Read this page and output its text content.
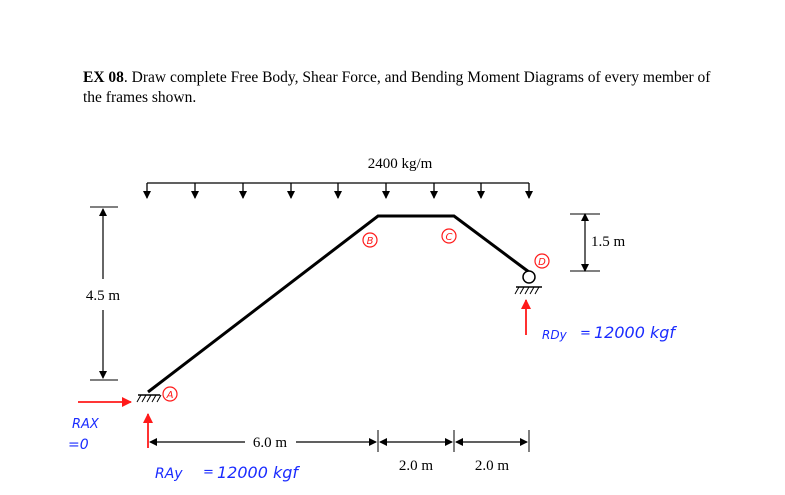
EX 08. Draw complete Free Body, Shear Force, and Bending Moment Diagrams of every member of the frames shown.
2400 kg/m
4.5 m
1.5 m
6.0 m
2.0 m	2.0 m
A
B	C
D
RAX
=0
RAy = 12000 kgf
RDy = 12000 kgf
